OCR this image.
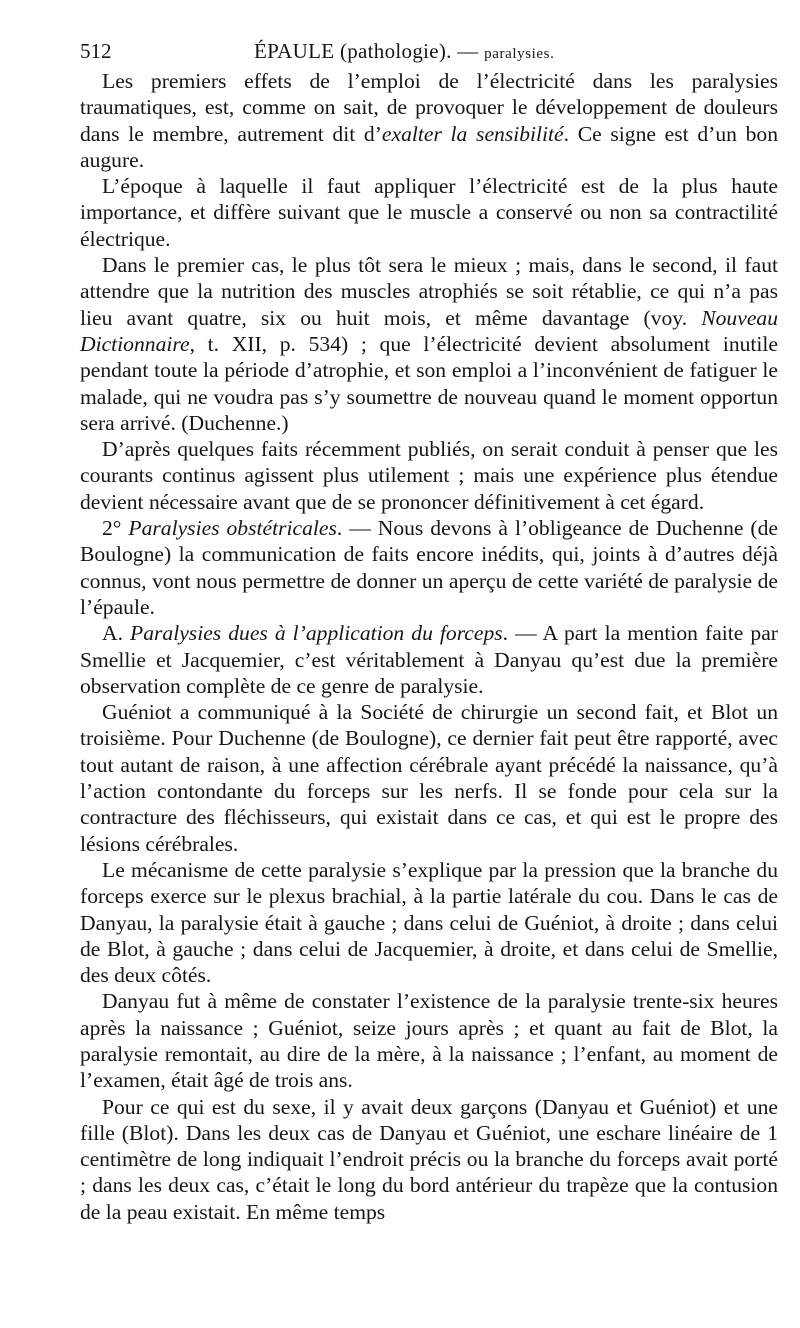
512	ÉPAULE (pathologie). — paralysies.

Les premiers effets de l’emploi de l’électricité dans les paralysies traumatiques, est, comme on sait, de provoquer le développement de douleurs dans le membre, autrement dit d’exalter la sensibilité. Ce signe est d’un bon augure.

L’époque à laquelle il faut appliquer l’électricité est de la plus haute importance, et diffère suivant que le muscle a conservé ou non sa contractilité électrique.

Dans le premier cas, le plus tôt sera le mieux ; mais, dans le second, il faut attendre que la nutrition des muscles atrophiés se soit rétablie, ce qui n’a pas lieu avant quatre, six ou huit mois, et même davantage (voy. Nouveau Dictionnaire, t. XII, p. 534) ; que l’électricité devient absolument inutile pendant toute la période d’atrophie, et son emploi a l’inconvénient de fatiguer le malade, qui ne voudra pas s’y soumettre de nouveau quand le moment opportun sera arrivé. (Duchenne.)

D’après quelques faits récemment publiés, on serait conduit à penser que les courants continus agissent plus utilement ; mais une expérience plus étendue devient nécessaire avant que de se prononcer définitivement à cet égard.

2° Paralysies obstétricales. — Nous devons à l’obligeance de Duchenne (de Boulogne) la communication de faits encore inédits, qui, joints à d’autres déjà connus, vont nous permettre de donner un aperçu de cette variété de paralysie de l’épaule.

A. Paralysies dues à l’application du forceps. — A part la mention faite par Smellie et Jacquemier, c’est véritablement à Danyau qu’est due la première observation complète de ce genre de paralysie.

Guéniot a communiqué à la Société de chirurgie un second fait, et Blot un troisième. Pour Duchenne (de Boulogne), ce dernier fait peut être rapporté, avec tout autant de raison, à une affection cérébrale ayant précédé la naissance, qu’à l’action contondante du forceps sur les nerfs. Il se fonde pour cela sur la contracture des fléchisseurs, qui existait dans ce cas, et qui est le propre des lésions cérébrales.

Le mécanisme de cette paralysie s’explique par la pression que la branche du forceps exerce sur le plexus brachial, à la partie latérale du cou. Dans le cas de Danyau, la paralysie était à gauche ; dans celui de Guéniot, à droite ; dans celui de Blot, à gauche ; dans celui de Jacquemier, à droite, et dans celui de Smellie, des deux côtés.

Danyau fut à même de constater l’existence de la paralysie trente-six heures après la naissance ; Guéniot, seize jours après ; et quant au fait de Blot, la paralysie remontait, au dire de la mère, à la naissance ; l’enfant, au moment de l’examen, était âgé de trois ans.

Pour ce qui est du sexe, il y avait deux garçons (Danyau et Guéniot) et une fille (Blot). Dans les deux cas de Danyau et Guéniot, une eschare linéaire de 1 centimètre de long indiquait l’endroit précis ou la branche du forceps avait porté ; dans les deux cas, c’était le long du bord antérieur du trapèze que la contusion de la peau existait. En même temps
